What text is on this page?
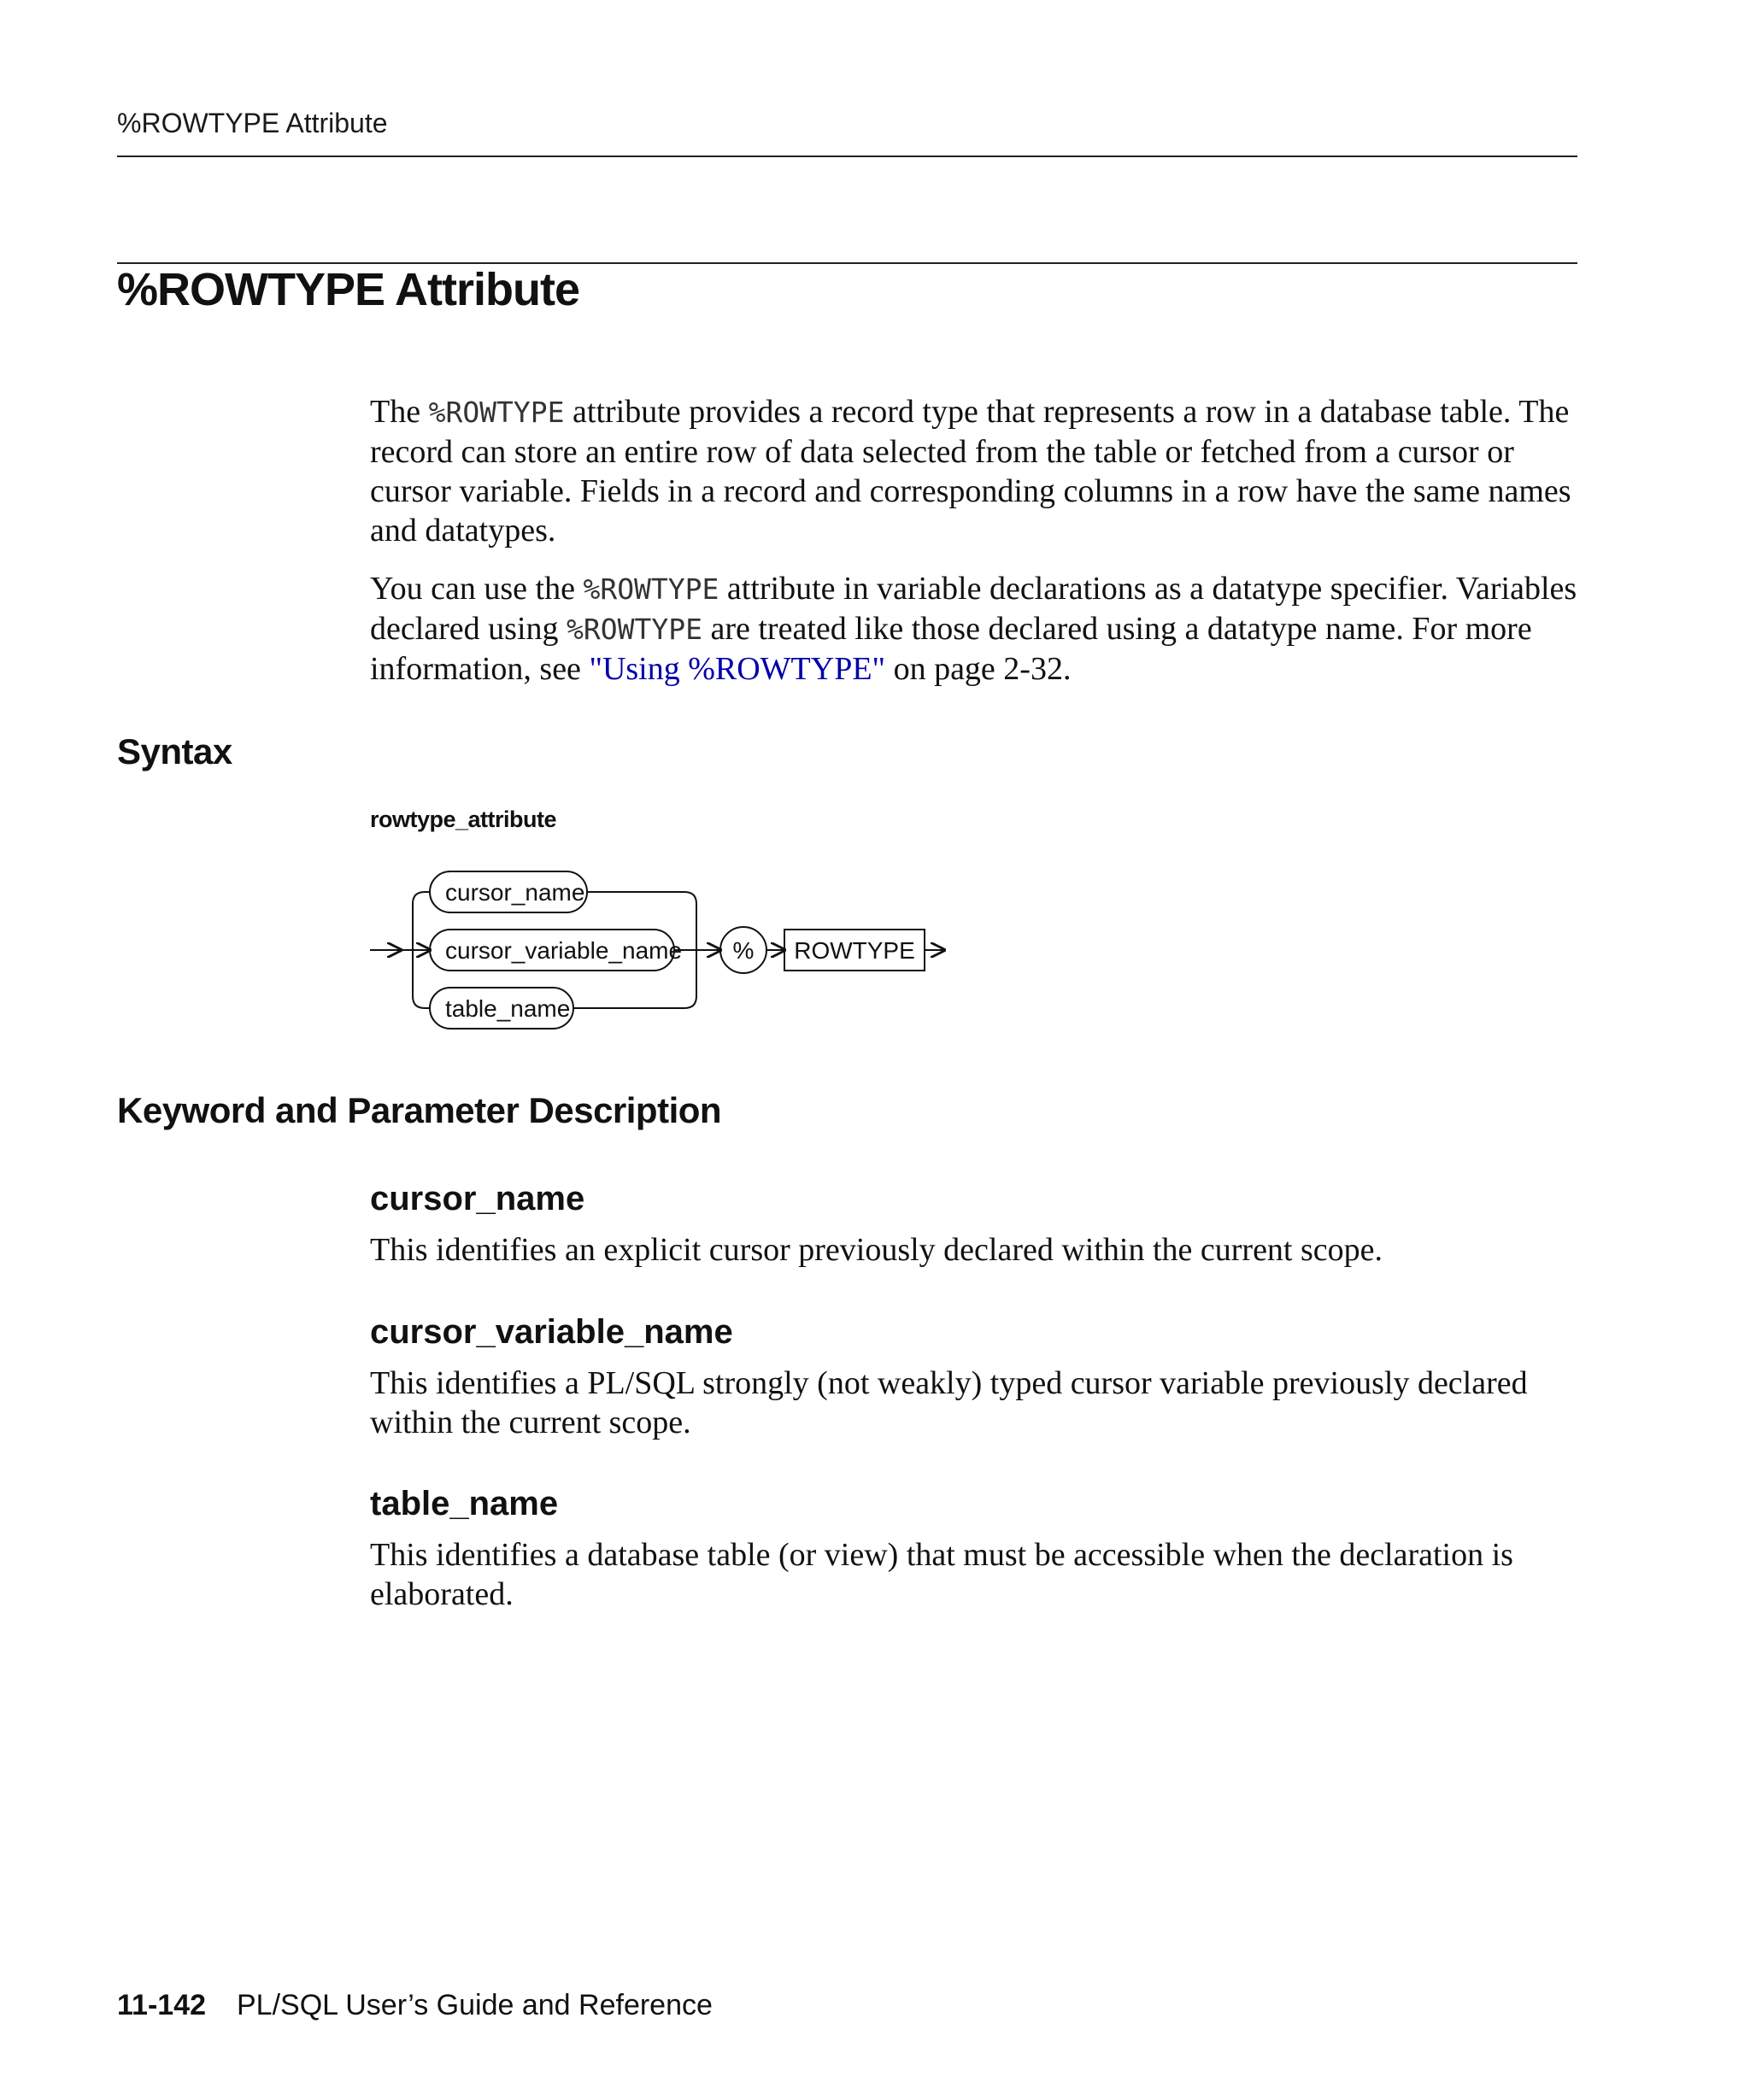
%ROWTYPE Attribute
%ROWTYPE Attribute

The %ROWTYPE attribute provides a record type that represents a row in a database table. The record can store an entire row of data selected from the table or fetched from a cursor or cursor variable. Fields in a record and corresponding columns in a row have the same names and datatypes.

You can use the %ROWTYPE attribute in variable declarations as a datatype specifier. Variables declared using %ROWTYPE are treated like those declared using a datatype name. For more information, see "Using %ROWTYPE" on page 2-32.

Syntax
rowtype_attribute
cursor_name
cursor_variable_name
table_name
% ROWTYPE
Keyword and Parameter Description
cursor_name

This identifies an explicit cursor previously declared within the current scope.

cursor_variable_name

This identifies a PL/SQL strongly (not weakly) typed cursor variable previously declared within the current scope.

table_name

This identifies a database table (or view) that must be accessible when the declaration is elaborated.

11-142 PL/SQL User’s Guide and Reference
